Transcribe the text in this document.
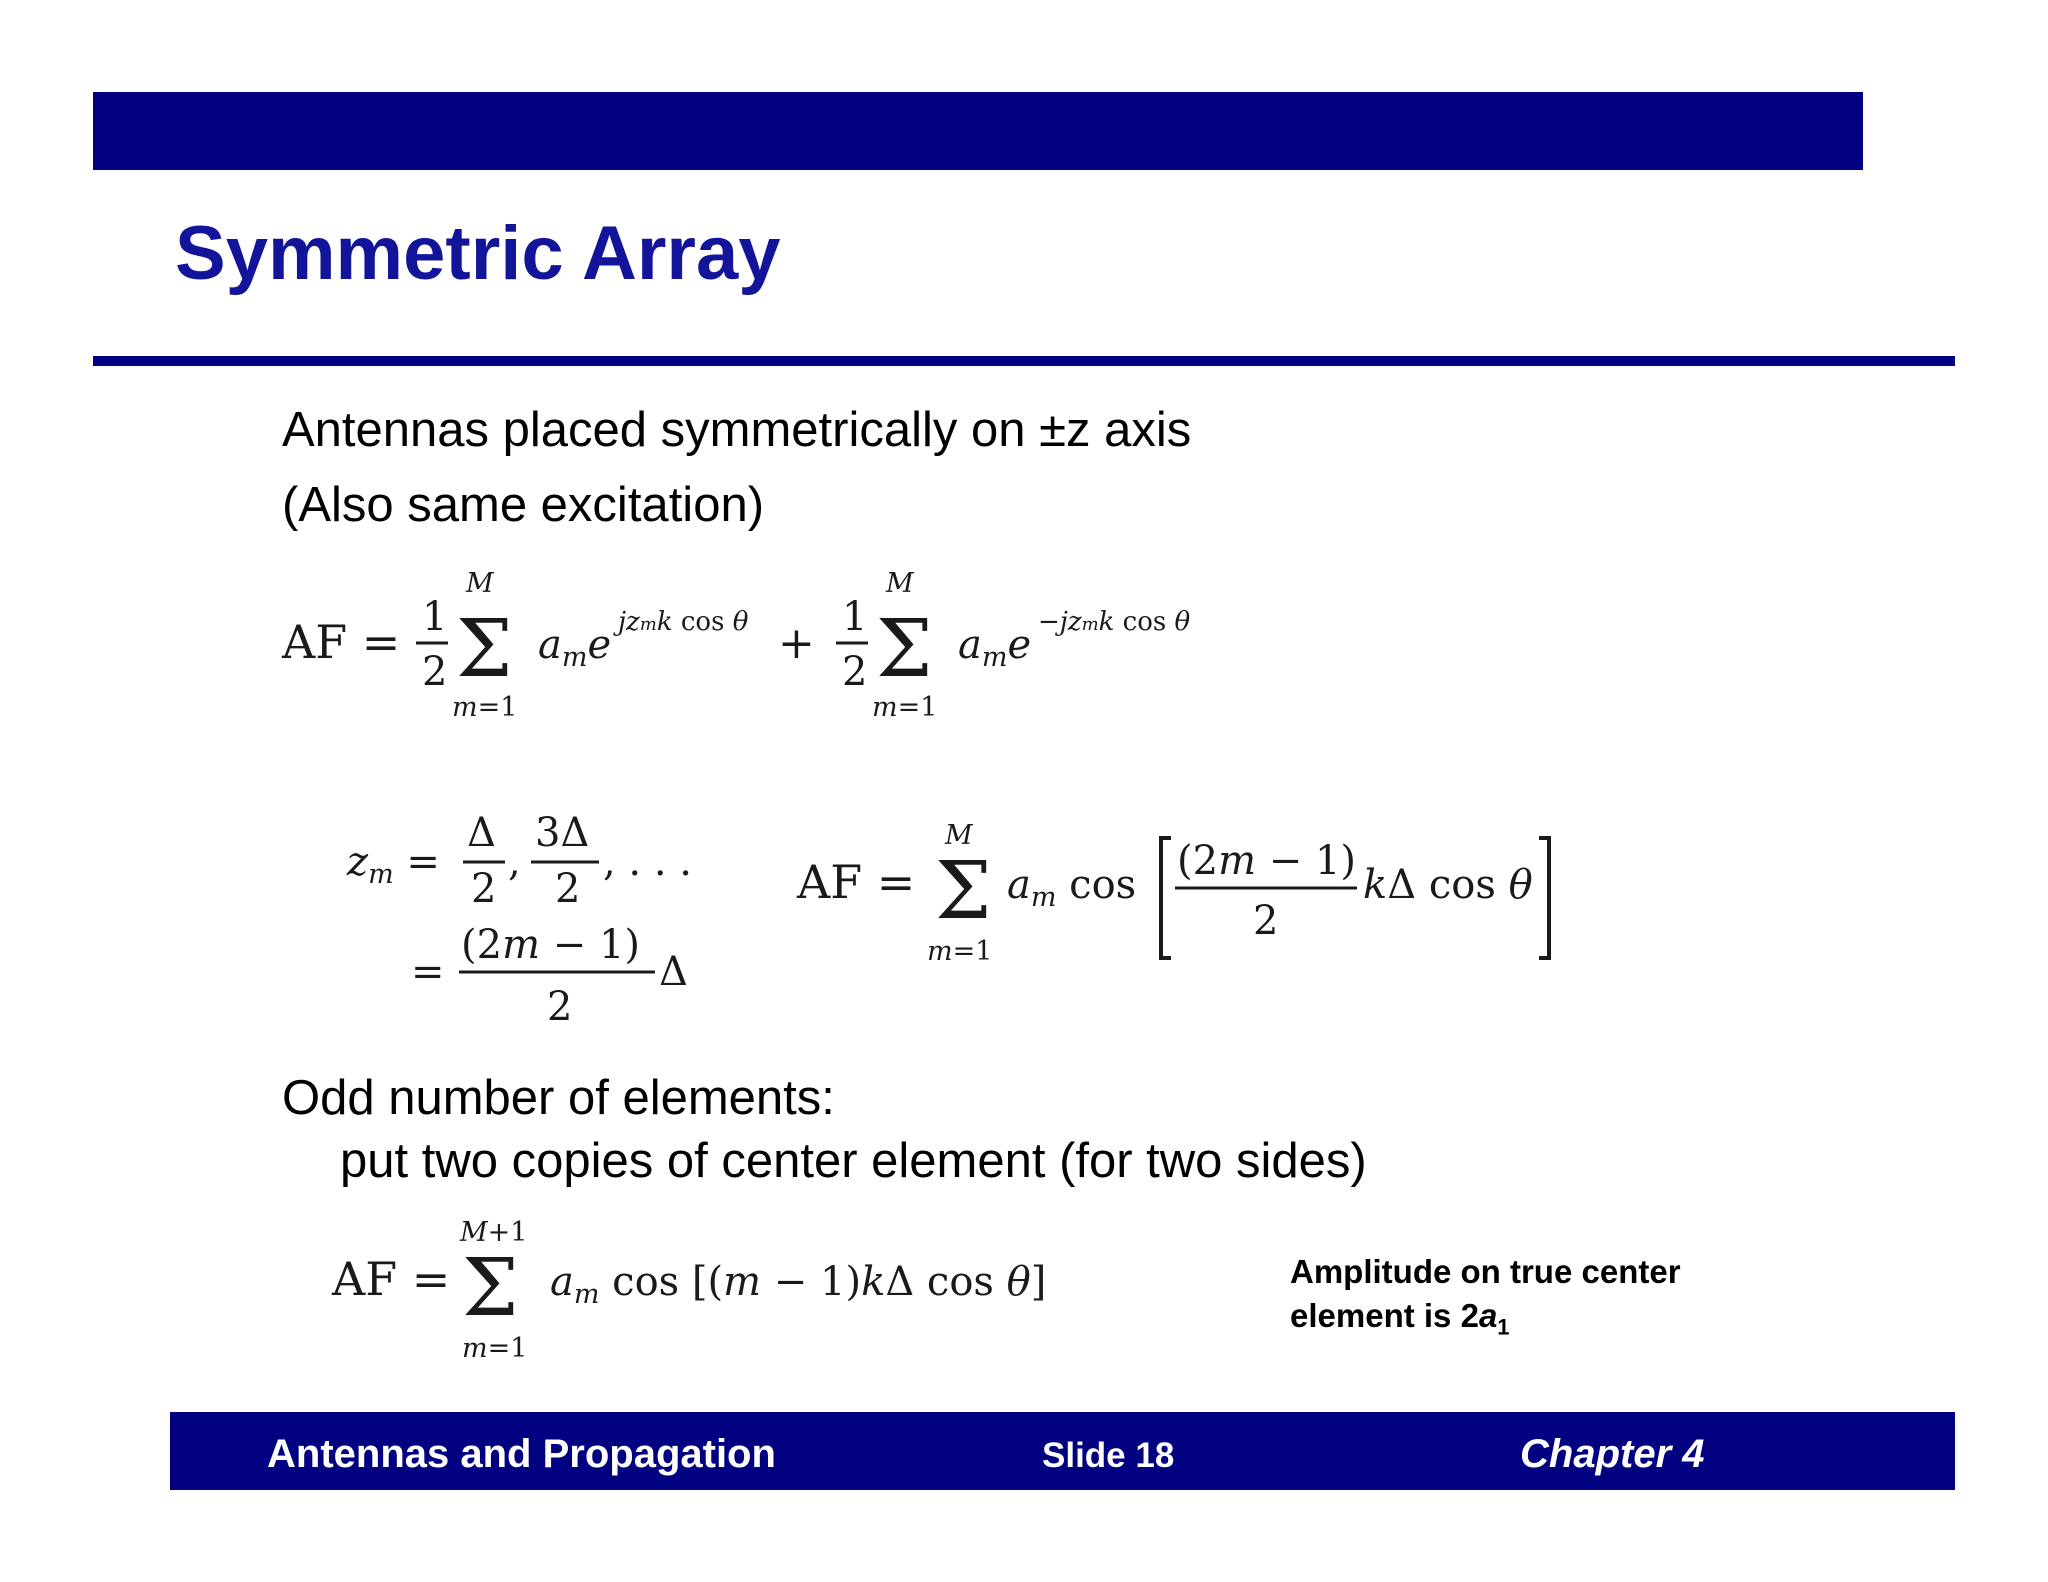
Symmetric Array
Antennas placed symmetrically on ±z axis
(Also same excitation)
AF = 1
2
M
Σ
m=1
$a_me$ jzmk cos θ +
1
2
M
Σ
m=1
$a_me$ −jzmk cos θ
$z_m$ =
Δ
2
,
3Δ
2
, . . .
=
(2m − 1)
2
Δ
AF =
M
Σ
m=1
$a_m$ cos
(2m − 1)
2
kΔ cos θ
Odd number of elements:
put two copies of center element (for two sides)
AF =
M+1
Σ
m=1
$a_m$ cos [(m − 1)kΔ cos θ]	Amplitude on true center
element is $2a_1$
Antennas and Propagation	Slide 18	Chapter 4
